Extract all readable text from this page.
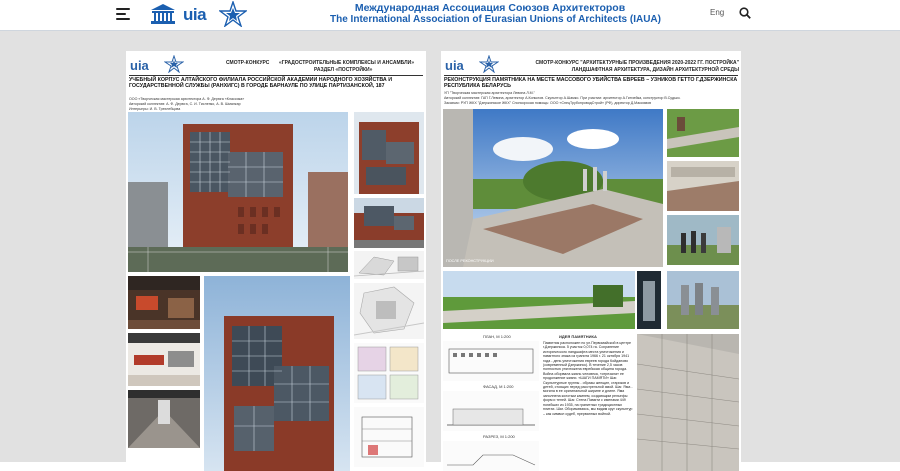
uia	Международная Ассоциация Союзов Архитекторов
The International Association of Eurasian Unions of Architects (IAUA)
Eng
uia	СМОТР-КОНКУРС «ГРАДОСТРОИТЕЛЬНЫЕ КОМПЛЕКСЫ И АНСАМБЛИ»
РАЗДЕЛ «ПОСТРОЙКИ»
УЧЕБНЫЙ КОРПУС АЛТАЙСКОГО ФИЛИАЛА РОССИЙСКОЙ АКАДЕМИИ НАРОДНОГО ХОЗЯЙСТВА И ГОСУДАРСТВЕННОЙ СЛУЖБЫ (РАНХИГС) В ГОРОДЕ БАРНАУЛЕ ПО УЛИЦЕ ПАРТИЗАНСКОЙ, 187
ООО «Творческая мастерская архитектора А. Ф. Дерюга «Классика»
Авторский коллектив: А. Ф. Дерюга, С. И. Тисленко, А. В. Шмалкар
Интерьеры: И. В. Трехлебцова
uia	СМОТР-КОНКУРС "АРХИТЕКТУРНЫЕ ПРОИЗВЕДЕНИЯ 2020-2022 ГГ. ПОСТРОЙКА"
ЛАНДШАФТНАЯ АРХИТЕКТУРА, ДИЗАЙН АРХИТЕКТУРНОЙ СРЕДЫ
РЕКОНСТРУКЦИЯ ПАМЯТНИКА НА МЕСТЕ МАССОВОГО УБИЙСТВА ЕВРЕЕВ – УЗНИКОВ ГЕТТО Г.ДЗЕРЖИНСКА РЕСПУБЛИКА БЕЛАРУСЬ
УП "Творческая мастерская архитектора Левина Л.М."
Авторский коллектив: ГАП Г.Левина, архитектор А.Копылов. Скульптор А.Шамко. При участии: архитектор А.Гинчейка, конструктор В.Судько.
Заказчик: РУП ЖКХ "Дзержинское ЖКХ" Спонсорская помощь: ООО «СпецТрубопроводСтрой» (РФ), директор Д.Максимов
ПОСЛЕ РЕКОНСТРУКЦИИ
ПЛАН, М 1:200
ФАСАД, М 1:200
РАЗРЕЗ, М 1:200
ИДЕЯ ПАМЯТНИКА
Памятник расположен по ул.Первомайской в центре г.Дзержинска. 5 участок 0,074 га. Сохранение исторического ландшафта места уничтожения и памятного знака из гранита 1966 г. 21 октября 1941 года - день уничтожения евреев города Койданово (современный Дзержинск). В течение 2,5 часов полностью уничтожена еврейская община города. Война оборвала жизнь человека, «отрезала» ее продолжение жизни. «ШАГИ ПАМЯТИ» Шаг. Скульптурные группы - образы женщин, стариков и детей, стоящих перед расстрельной ямой. Шаг. Яма - могила в ее оригинальной ширине и длине. Яма заполнена колотым камнем, создающим рельефы форм и теней. Шаг. Стена Памяти с именами 449 погибших из 1935, на гранитных традиционных плитах. Шаг. Оборачиваясь, мы видим круг скульптур – как символ судеб, прерванных войной.
